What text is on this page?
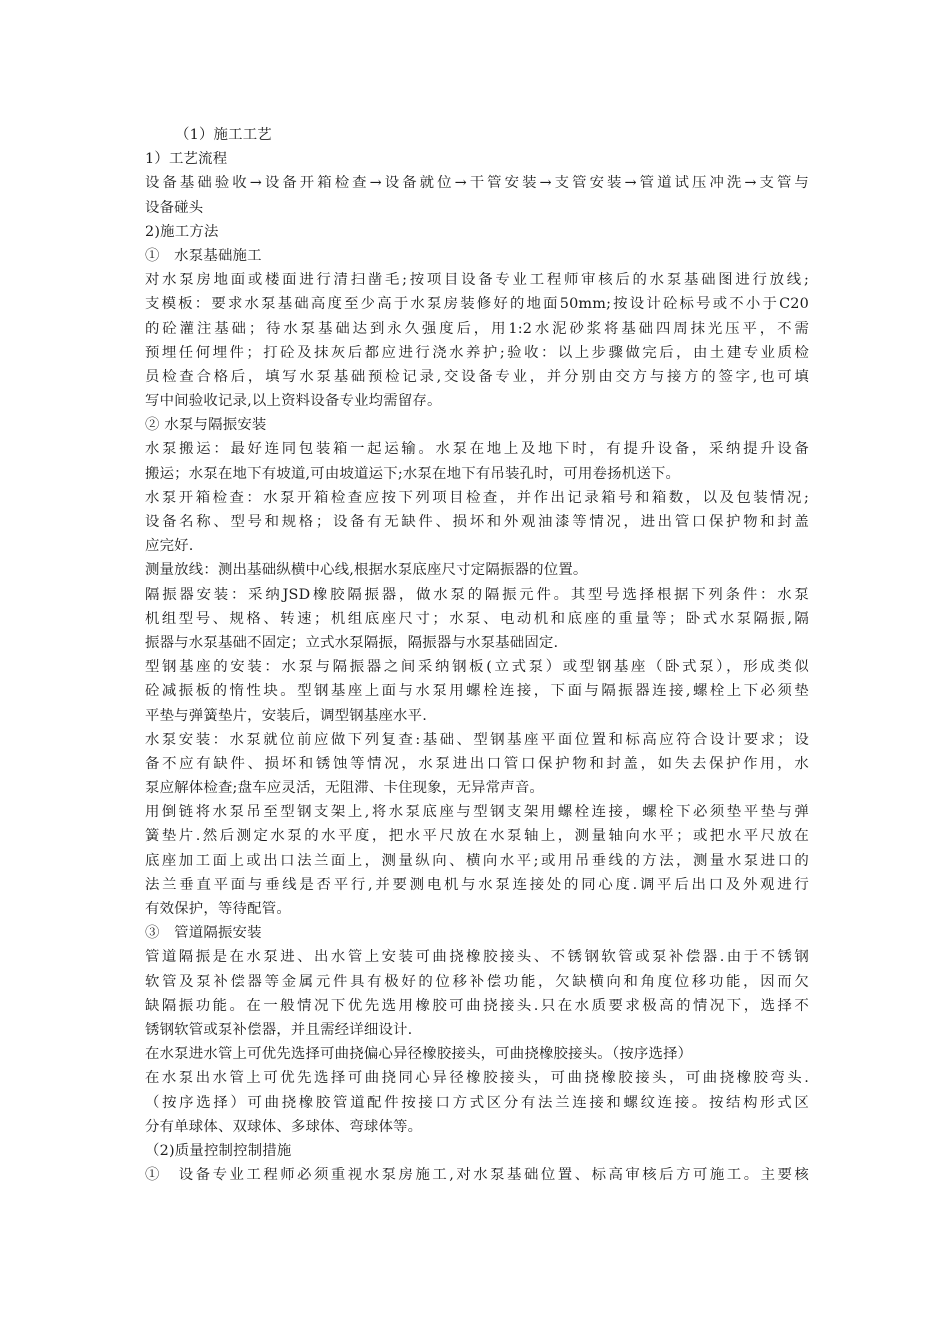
（1）施工工艺
1）工艺流程
设备基础验收→设备开箱检查→设备就位→干管安装→支管安装→管道试压冲洗→支管与
设备碰头
2)施工方法
①　水泵基础施工
对水泵房地面或楼面进行清扫凿毛;按项目设备专业工程师审核后的水泵基础图进行放线;
支模板：要求水泵基础高度至少高于水泵房装修好的地面50mm;按设计砼标号或不小于C20
的砼灌注基础；待水泵基础达到永久强度后，用1:2水泥砂浆将基础四周抹光压平，不需
预埋任何埋件；打砼及抹灰后都应进行浇水养护;验收：以上步骤做完后，由土建专业质检
员检查合格后，填写水泵基础预检记录,交设备专业，并分别由交方与接方的签字,也可填
写中间验收记录,以上资料设备专业均需留存。
② 水泵与隔振安装
水泵搬运：最好连同包装箱一起运输。水泵在地上及地下时，有提升设备，采纳提升设备
搬运；水泵在地下有坡道,可由坡道运下;水泵在地下有吊装孔时，可用卷扬机送下。
水泵开箱检查：水泵开箱检查应按下列项目检查，并作出记录箱号和箱数，以及包装情况;
设备名称、型号和规格；设备有无缺件、损坏和外观油漆等情况，进出管口保护物和封盖
应完好.
测量放线：测出基础纵横中心线,根据水泵底座尺寸定隔振器的位置。
隔振器安装：采纳JSD橡胶隔振器，做水泵的隔振元件。其型号选择根据下列条件：水泵
机组型号、规格、转速；机组底座尺寸；水泵、电动机和底座的重量等；卧式水泵隔振,隔
振器与水泵基础不固定；立式水泵隔振，隔振器与水泵基础固定.
型钢基座的安装：水泵与隔振器之间采纳钢板(立式泵）或型钢基座（卧式泵），形成类似
砼减振板的惰性块。型钢基座上面与水泵用螺栓连接，下面与隔振器连接,螺栓上下必须垫
平垫与弹簧垫片，安装后，调型钢基座水平.
水泵安装：水泵就位前应做下列复查:基础、型钢基座平面位置和标高应符合设计要求；设
备不应有缺件、损坏和锈蚀等情况，水泵进出口管口保护物和封盖，如失去保护作用，水
泵应解体检查;盘车应灵活，无阻滞、卡住现象，无异常声音。
用倒链将水泵吊至型钢支架上,将水泵底座与型钢支架用螺栓连接，螺栓下必须垫平垫与弹
簧垫片.然后测定水泵的水平度，把水平尺放在水泵轴上，测量轴向水平；或把水平尺放在
底座加工面上或出口法兰面上，测量纵向、横向水平;或用吊垂线的方法，测量水泵进口的
法兰垂直平面与垂线是否平行,并要测电机与水泵连接处的同心度.调平后出口及外观进行
有效保护，等待配管。
③　管道隔振安装
管道隔振是在水泵进、出水管上安装可曲挠橡胶接头、不锈钢软管或泵补偿器.由于不锈钢
软管及泵补偿器等金属元件具有极好的位移补偿功能，欠缺横向和角度位移功能，因而欠
缺隔振功能。在一般情况下优先选用橡胶可曲挠接头.只在水质要求极高的情况下，选择不
锈钢软管或泵补偿器，并且需经详细设计.
在水泵进水管上可优先选择可曲挠偏心异径橡胶接头，可曲挠橡胶接头。（按序选择）
在水泵出水管上可优先选择可曲挠同心异径橡胶接头，可曲挠橡胶接头，可曲挠橡胶弯头.
（按序选择）可曲挠橡胶管道配件按接口方式区分有法兰连接和螺纹连接。按结构形式区
分有单球体、双球体、多球体、弯球体等。
（2)质量控制控制措施
①　设备专业工程师必须重视水泵房施工,对水泵基础位置、标高审核后方可施工。主要核
